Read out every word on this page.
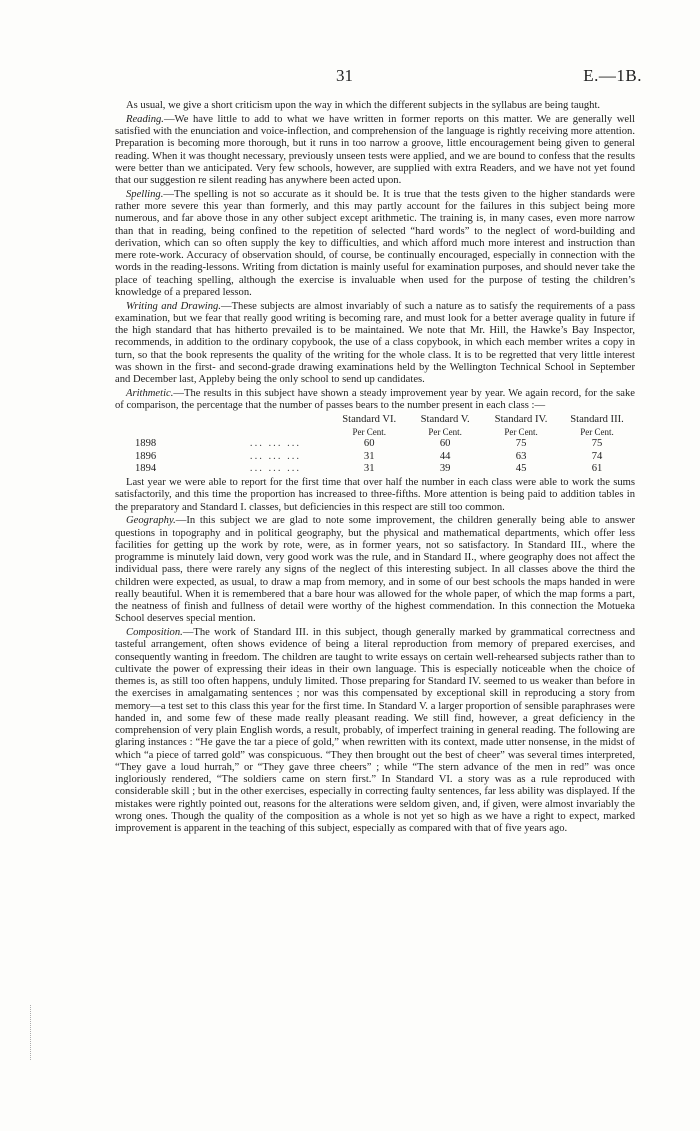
31	E.—1B.

As usual, we give a short criticism upon the way in which the different subjects in the syllabus are being taught.

Reading.—We have little to add to what we have written in former reports on this matter. We are generally well satisfied with the enunciation and voice-inflection, and comprehension of the language is rightly receiving more attention. Preparation is becoming more thorough, but it runs in too narrow a groove, little encouragement being given to general reading. When it was thought necessary, previously unseen tests were applied, and we are bound to confess that the results were better than we anticipated. Very few schools, however, are supplied with extra Readers, and we have not yet found that our suggestion re silent reading has anywhere been acted upon.

Spelling.—The spelling is not so accurate as it should be. It is true that the tests given to the higher standards were rather more severe this year than formerly, and this may partly account for the failures in this subject being more numerous, and far above those in any other subject except arithmetic. The training is, in many cases, even more narrow than that in reading, being confined to the repetition of selected “hard words” to the neglect of word-building and derivation, which can so often supply the key to difficulties, and which afford much more interest and instruction than mere rote-work. Accuracy of observation should, of course, be continually encouraged, especially in connection with the words in the reading-lessons. Writing from dictation is mainly useful for examination purposes, and should never take the place of teaching spelling, although the exercise is invaluable when used for the purpose of testing the children’s knowledge of a prepared lesson.

Writing and Drawing.—These subjects are almost invariably of such a nature as to satisfy the requirements of a pass examination, but we fear that really good writing is becoming rare, and must look for a better average quality in future if the high standard that has hitherto prevailed is to be maintained. We note that Mr. Hill, the Hawke’s Bay Inspector, recommends, in addition to the ordinary copybook, the use of a class copybook, in which each member writes a copy in turn, so that the book represents the quality of the writing for the whole class. It is to be regretted that very little interest was shown in the first- and second-grade drawing examinations held by the Wellington Technical School in September and December last, Appleby being the only school to send up candidates.

Arithmetic.—The results in this subject have shown a steady improvement year by year. We again record, for the sake of comparison, the percentage that the number of passes bears to the number present in each class :—

		Standard VI.	Standard V.	Standard IV.	Standard III.
		Per Cent.	Per Cent.	Per Cent.	Per Cent.
1898	... ... ...	60	60	75	75
1896	... ... ...	31	44	63	74
1894	... ... ...	31	39	45	61

Last year we were able to report for the first time that over half the number in each class were able to work the sums satisfactorily, and this time the proportion has increased to three-fifths. More attention is being paid to addition tables in the preparatory and Standard I. classes, but deficiencies in this respect are still too common.

Geography.—In this subject we are glad to note some improvement, the children generally being able to answer questions in topography and in political geography, but the physical and mathematical departments, which offer less facilities for getting up the work by rote, were, as in former years, not so satisfactory. In Standard III., where the programme is minutely laid down, very good work was the rule, and in Standard II., where geography does not affect the individual pass, there were rarely any signs of the neglect of this interesting subject. In all classes above the third the children were expected, as usual, to draw a map from memory, and in some of our best schools the maps handed in were really beautiful. When it is remembered that a bare hour was allowed for the whole paper, of which the map forms a part, the neatness of finish and fullness of detail were worthy of the highest commendation. In this connection the Motueka School deserves special mention.

Composition.—The work of Standard III. in this subject, though generally marked by grammatical correctness and tasteful arrangement, often shows evidence of being a literal reproduction from memory of prepared exercises, and consequently wanting in freedom. The children are taught to write essays on certain well-rehearsed subjects rather than to cultivate the power of expressing their ideas in their own language. This is especially noticeable when the choice of themes is, as still too often happens, unduly limited. Those preparing for Standard IV. seemed to us weaker than before in the exercises in amalgamating sentences ; nor was this compensated by exceptional skill in reproducing a story from memory—a test set to this class this year for the first time. In Standard V. a larger proportion of sensible paraphrases were handed in, and some few of these made really pleasant reading. We still find, however, a great deficiency in the comprehension of very plain English words, a result, probably, of imperfect training in general reading. The following are glaring instances : “He gave the tar a piece of gold,” when rewritten with its context, made utter nonsense, in the midst of which “a piece of tarred gold” was conspicuous. “They then brought out the best of cheer” was several times interpreted, “They gave a loud hurrah,” or “They gave three cheers” ; while “The stern advance of the men in red” was once ingloriously rendered, “The soldiers came on stern first.” In Standard VI. a story was as a rule reproduced with considerable skill ; but in the other exercises, especially in correcting faulty sentences, far less ability was displayed. If the mistakes were rightly pointed out, reasons for the alterations were seldom given, and, if given, were almost invariably the wrong ones. Though the quality of the composition as a whole is not yet so high as we have a right to expect, marked improvement is apparent in the teaching of this subject, especially as compared with that of five years ago.
